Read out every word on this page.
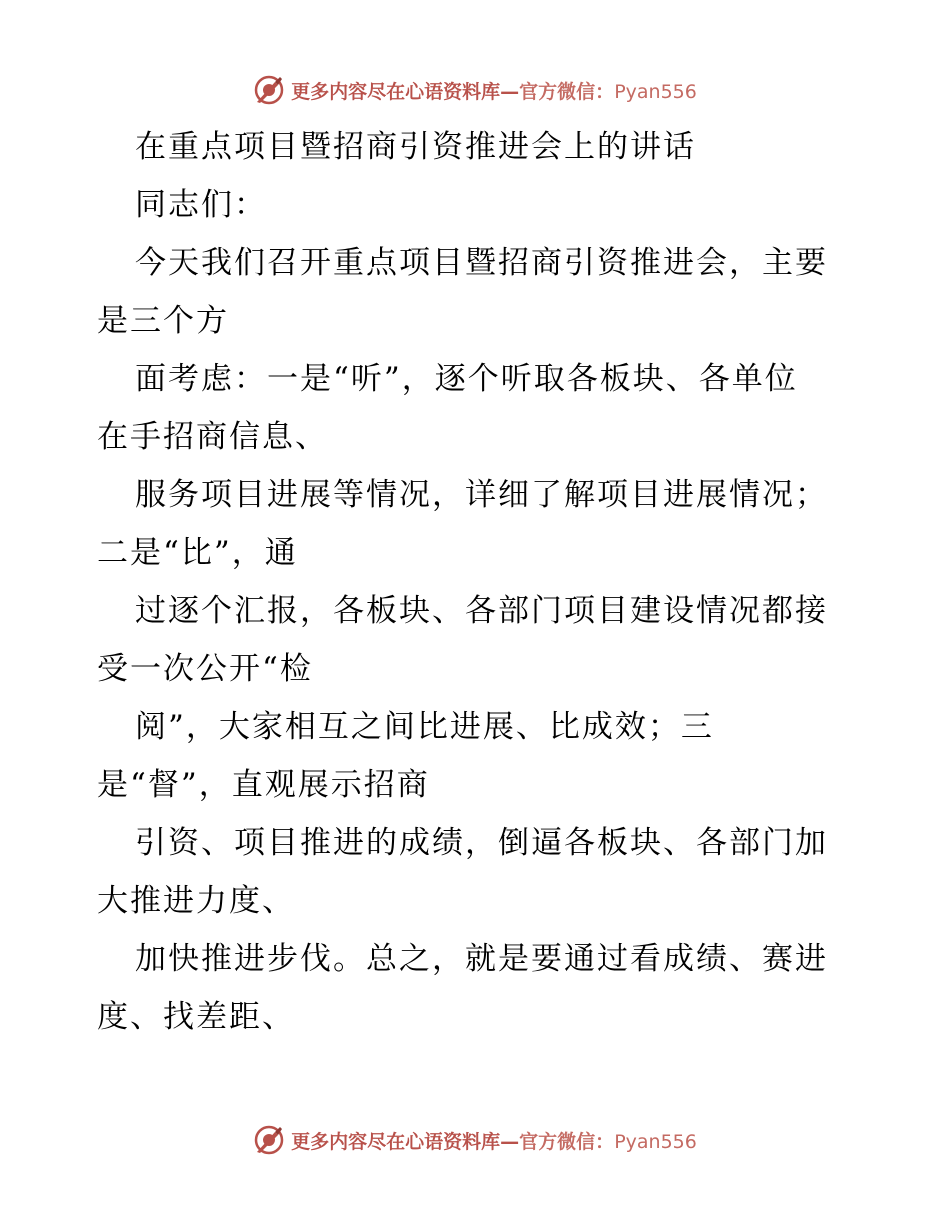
更多内容尽在心语资料库—官方微信：Pyan556
在重点项目暨招商引资推进会上的讲话
同志们：
今天我们召开重点项目暨招商引资推进会，主要
是三个方
面考虑：一是“听”，逐个听取各板块、各单位
在手招商信息、
服务项目进展等情况，详细了解项目进展情况；
二是“比”，通
过逐个汇报，各板块、各部门项目建设情况都接
受一次公开“检
阅”，大家相互之间比进展、比成效；三
是“督”，直观展示招商
引资、项目推进的成绩，倒逼各板块、各部门加
大推进力度、
加快推进步伐。总之，就是要通过看成绩、赛进
度、找差距、
更多内容尽在心语资料库—官方微信：Pyan556
